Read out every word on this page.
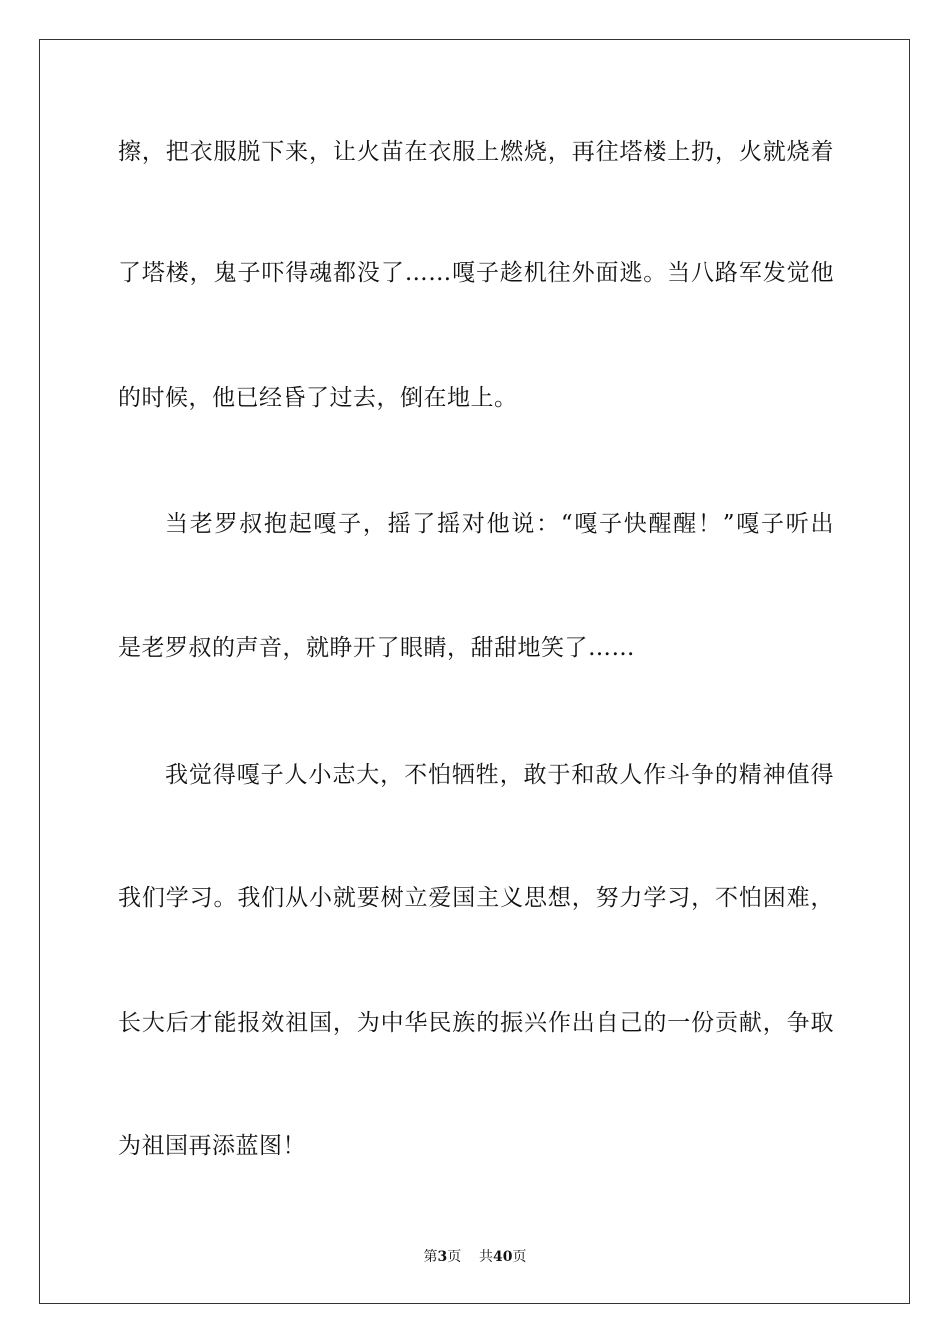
擦，把衣服脱下来，让火苗在衣服上燃烧，再往塔楼上扔，火就烧着
了塔楼，鬼子吓得魂都没了……嘎子趁机往外面逃。当八路军发觉他
的时候，他已经昏了过去，倒在地上。
当老罗叔抱起嘎子，摇了摇对他说：“嘎子快醒醒！”嘎子听出
是老罗叔的声音，就睁开了眼睛，甜甜地笑了……
我觉得嘎子人小志大，不怕牺牲，敢于和敌人作斗争的精神值得
我们学习。我们从小就要树立爱国主义思想，努力学习，不怕困难，
长大后才能报效祖国，为中华民族的振兴作出自己的一份贡献，争取
为祖国再添蓝图！
第3页 共40页
